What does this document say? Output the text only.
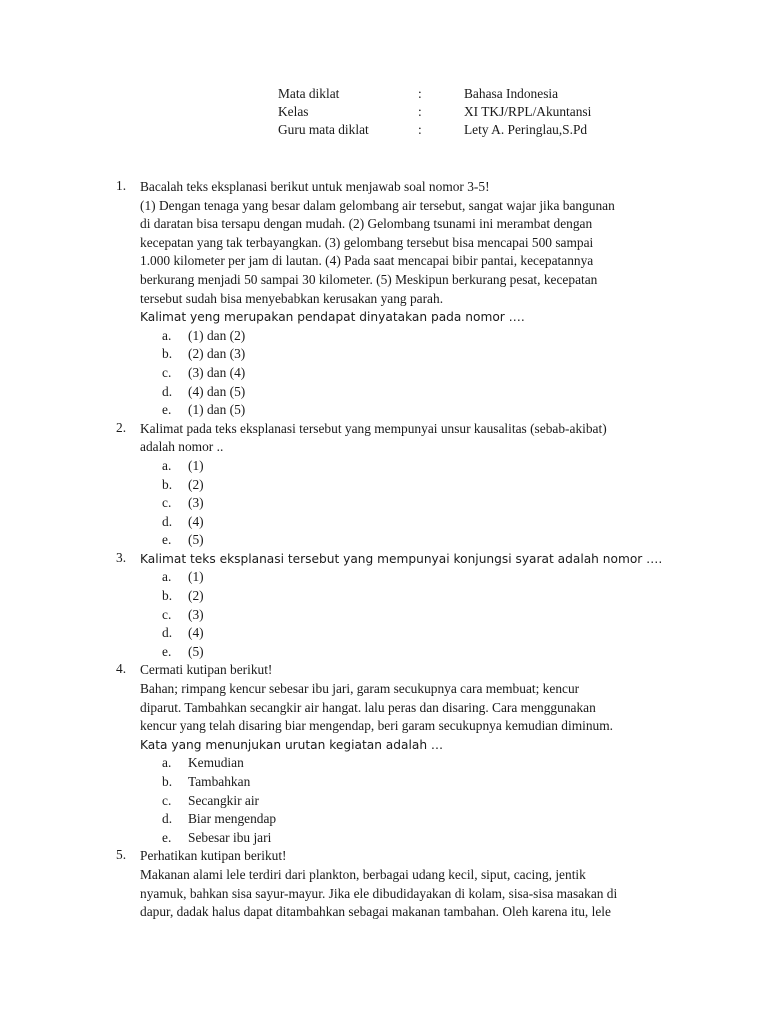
Mata diklat	:	Bahasa Indonesia
Kelas	:	XI TKJ/RPL/Akuntansi
Guru mata diklat	:	Lety A. Peringlau,S.Pd
1. Bacalah teks eksplanasi berikut untuk menjawab soal nomor 3-5!
(1) Dengan tenaga yang besar dalam gelombang air tersebut, sangat wajar jika bangunan
di daratan bisa tersapu dengan mudah. (2) Gelombang tsunami ini merambat dengan
kecepatan yang tak terbayangkan. (3) gelombang tersebut bisa mencapai 500 sampai
1.000 kilometer per jam di lautan. (4) Pada saat mencapai bibir pantai, kecepatannya
berkurang menjadi 50 sampai 30 kilometer. (5) Meskipun berkurang pesat, kecepatan
tersebut sudah bisa menyebabkan kerusakan yang parah.
Kalimat yeng merupakan pendapat dinyatakan pada nomor ….
a. (1) dan (2)
b. (2) dan (3)
c. (3) dan (4)
d. (4) dan (5)
e. (1) dan (5)
2. Kalimat pada teks eksplanasi tersebut yang mempunyai unsur kausalitas (sebab-akibat)
adalah nomor ..
a. (1)
b. (2)
c. (3)
d. (4)
e. (5)
3. Kalimat teks eksplanasi tersebut yang mempunyai konjungsi syarat adalah nomor ….
a. (1)
b. (2)
c. (3)
d. (4)
e. (5)
4. Cermati kutipan berikut!
Bahan; rimpang kencur sebesar ibu jari, garam secukupnya cara membuat; kencur
diparut. Tambahkan secangkir air hangat. lalu peras dan disaring. Cara menggunakan
kencur yang telah disaring biar mengendap, beri garam secukupnya kemudian diminum.
Kata yang menunjukan urutan kegiatan adalah …
a. Kemudian
b. Tambahkan
c. Secangkir air
d. Biar mengendap
e. Sebesar ibu jari
5. Perhatikan kutipan berikut!
Makanan alami lele terdiri dari plankton, berbagai udang kecil, siput, cacing, jentik
nyamuk, bahkan sisa sayur-mayur. Jika ele dibudidayakan di kolam, sisa-sisa masakan di
dapur, dadak halus dapat ditambahkan sebagai makanan tambahan. Oleh karena itu, lele
